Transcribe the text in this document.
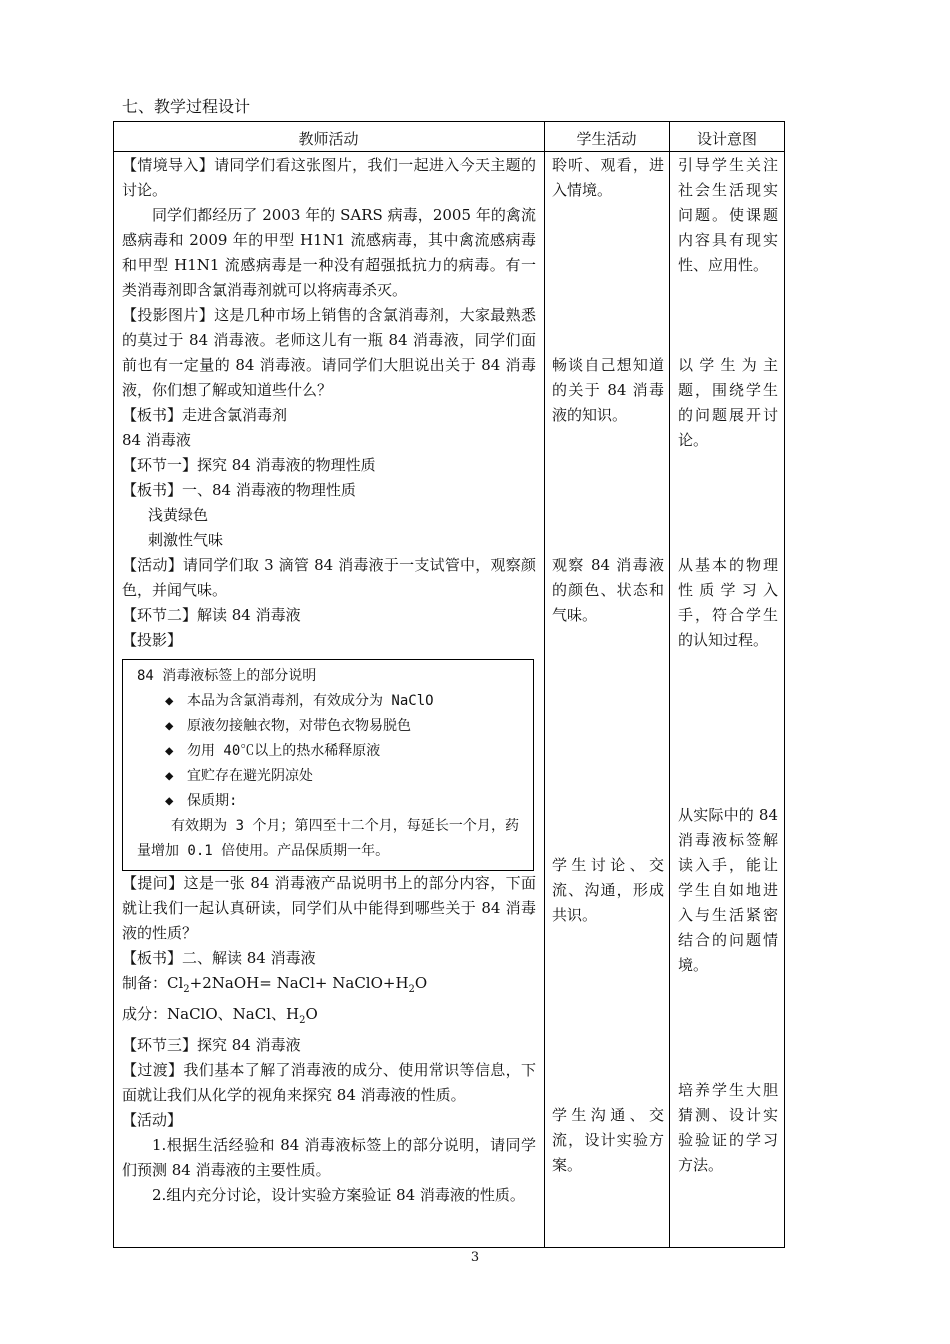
七、教学过程设计
教师活动	学生活动	设计意图

【情境导入】请同学们看这张图片，我们一起进入今天主题的讨论。

同学们都经历了 2003 年的 SARS 病毒，2005 年的禽流感病毒和 2009 年的甲型 H1N1 流感病毒，其中禽流感病毒和甲型 H1N1 流感病毒是一种没有超强抵抗力的病毒。有一类消毒剂即含氯消毒剂就可以将病毒杀灭。

【投影图片】这是几种市场上销售的含氯消毒剂，大家最熟悉的莫过于 84 消毒液。老师这儿有一瓶 84 消毒液，同学们面前也有一定量的 84 消毒液。请同学们大胆说出关于 84 消毒液，你们想了解或知道些什么？

【板书】走进含氯消毒剂

84 消毒液

【环节一】探究 84 消毒液的物理性质

【板书】一、84 消毒液的物理性质

浅黄绿色

刺激性气味

【活动】请同学们取 3 滴管 84 消毒液于一支试管中，观察颜色，并闻气味。

【环节二】解读 84 消毒液

【投影】

84 消毒液标签上的部分说明
◆ 本品为含氯消毒剂，有效成分为 NaClO
◆ 原液勿接触衣物，对带色衣物易脱色
◆ 勿用 40℃以上的热水稀释原液
◆ 宜贮存在避光阴凉处
◆ 保质期:
有效期为 3 个月；第四至十二个月，每延长一个月，药量增加 0.1 倍使用。产品保质期一年。

【提问】这是一张 84 消毒液产品说明书上的部分内容，下面就让我们一起认真研读，同学们从中能得到哪些关于 84 消毒液的性质？

【板书】二、解读 84 消毒液

制备：$Cl_2+2NaOH=$ NaCl+ $NaClO+H_2O$

成分：NaClO、NaCl、$H_2O$

【环节三】探究 84 消毒液

【过渡】我们基本了解了消毒液的成分、使用常识等信息，下面就让我们从化学的视角来探究 84 消毒液的性质。

【活动】

1.根据生活经验和 84 消毒液标签上的部分说明，请同学们预测 84 消毒液的主要性质。

2.组内充分讨论，设计实验方案验证 84 消毒液的性质。

聆听、观看，进入情境。
畅谈自己想知道的关于 84 消毒液的知识。
观察 84 消毒液的颜色、状态和气味。
学生讨论、交流、沟通，形成共识。
学生沟通、交流，设计实验方案。
引导学生关注社会生活现实问题。使课题内容具有现实性、应用性。
以学生为主题，围绕学生的问题展开讨论。
从基本的物理性质学习入手，符合学生的认知过程。
从实际中的 84 消毒液标签解读入手，能让学生自如地进入与生活紧密结合的问题情境。
培养学生大胆猜测、设计实验验证的学习方法。
3
